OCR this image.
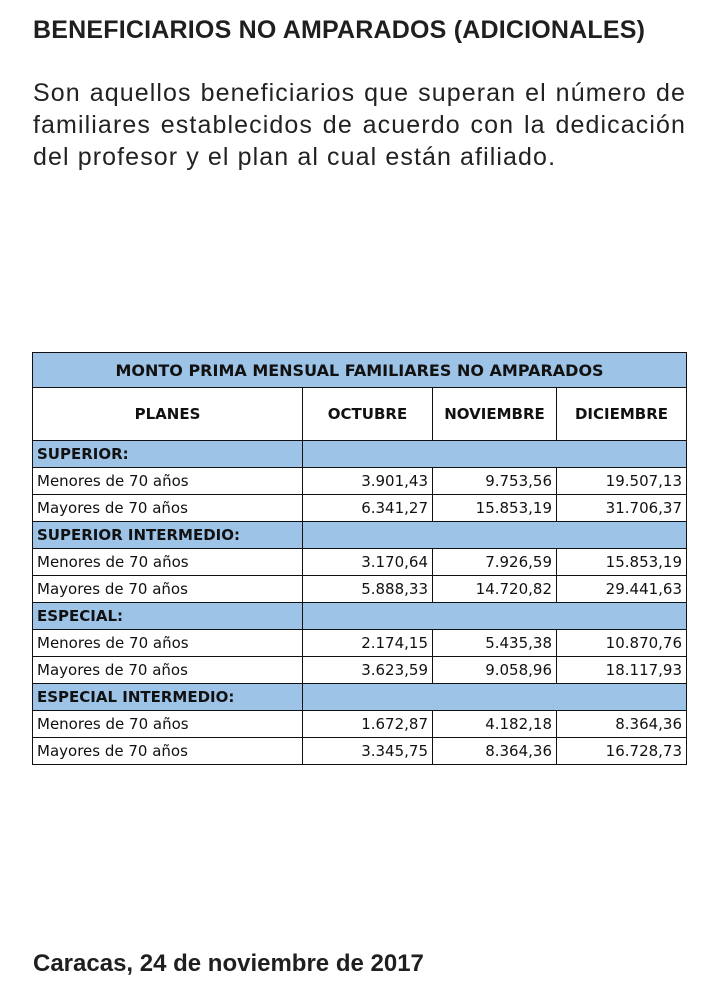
BENEFICIARIOS NO AMPARADOS (ADICIONALES)

Son aquellos beneficiarios que superan el número de familiares establecidos de acuerdo con la dedicación del profesor y el plan al cual están afiliado.

MONTO PRIMA MENSUAL FAMILIARES NO AMPARADOS			
PLANES	OCTUBRE	NOVIEMBRE	DICIEMBRE
SUPERIOR:			
Menores de 70 años	3.901,43	9.753,56	19.507,13
Mayores de 70 años	6.341,27	15.853,19	31.706,37
SUPERIOR INTERMEDIO:			
Menores de 70 años	3.170,64	7.926,59	15.853,19
Mayores de 70 años	5.888,33	14.720,82	29.441,63
ESPECIAL:			
Menores de 70 años	2.174,15	5.435,38	10.870,76
Mayores de 70 años	3.623,59	9.058,96	18.117,93
ESPECIAL INTERMEDIO:			
Menores de 70 años	1.672,87	4.182,18	8.364,36
Mayores de 70 años	3.345,75	8.364,36	16.728,73

Caracas, 24 de noviembre de 2017
